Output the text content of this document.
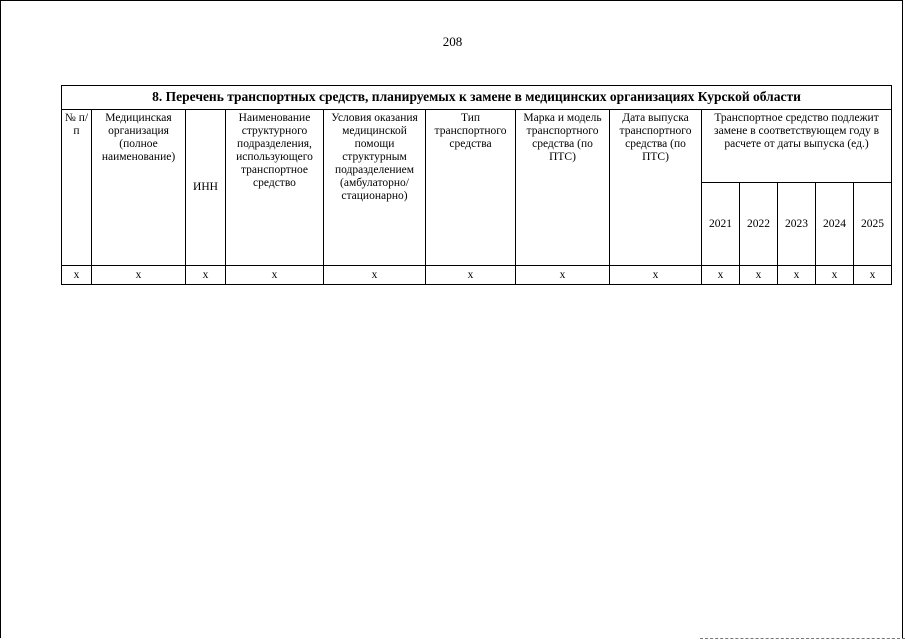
208
8. Перечень транспортных средств, планируемых к замене в медицинских организациях Курской области												
№ п/п	Медицинская организация (полное наименование)	ИНН	Наименование структурного подразделения, использующего транспортное средство	Условия оказания медицинской помощи структурным подразделением (амбулаторно/ стационарно)	Тип транспортного средства	Марка и модель транспортного средства (по ПТС)	Дата выпуска транспортного средства (по ПТС)	Транспортное средство подлежит замене в соответствующем году в расчете от даты выпуска (ед.)				
								2021	2022	2023	2024	2025
х	х	х	х	х	х	х	х	х	х	х	х	х
